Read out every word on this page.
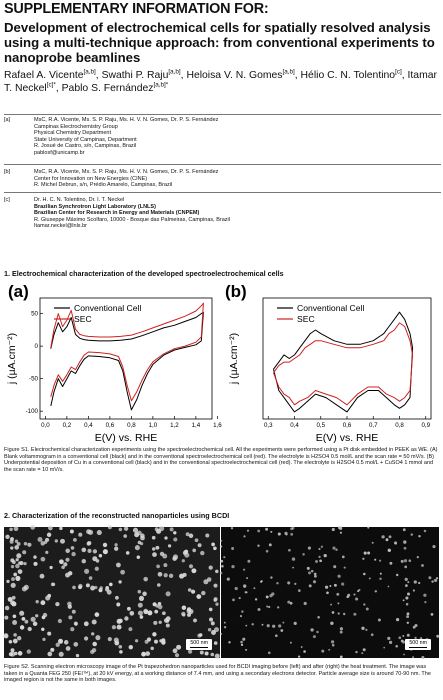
SUPPLEMENTARY INFORMATION FOR:
Development of electrochemical cells for spatially resolved analysis using a multi-technique approach: from conventional experiments to nanoprobe beamlines
Rafael A. Vicente[a,b], Swathi P. Raju[a,b], Heloisa V. N. Gomes[a,b], Hélio C. N. Tolentino[c], Itamar T. Neckel$^{[c]*}$, Pablo S. Fernández$^{[a,b]*}$
[a]	MsC, R.A. Vicente, Ms. S. P. Raju, Ms. H. V. N. Gomes, Dr. P. S. Fernández
Campinas Electrochemistry Group
Physical Chemistry Department
State University of Campinas, Department
R. Josué de Castro, s/n, Campinas, Brazil
pablosf@unicamp.br
[b]	MsC, R.A. Vicente, Ms. S. P. Raju, Ms. H. V. N. Gomes, Dr. P. S. Fernández
Center for Innovation on New Energies (CINE)
R. Michel Debrun, s/n, Prédio Amarelo, Campinas, Brazil
[c]	Dr. H. C. N. Tolentino, Dr. I. T. Neckel
Brazilian Synchrotron Light Laboratory (LNLS)
Brazilian Center for Research in Energy and Materials (CNPEM)
R. Giuseppe Máximo Scolfaro, 10000 - Bosque das Palmeiras, Campinas, Brazil
Itamar.neckel@lnls.br
1. Electrochemical characterization of the developed spectroelectrochemical cells
0,0 0,2 0,4 0,6 0,8 1,0 1,2 1,4 1,6
-100
-50
0
50
Conventional Cell
SEC
(a)
E(V) vs. RHE
j (µA.cm⁻²)
0,3	0,4	0,5	0,6	0,7	0,8	0,9
Conventional Cell
SEC
(b)
E(V) vs. RHE
j (µA.cm⁻²)
Figure S1. Electrochemical characterization experiments using the spectroelectrochemical cell. All the experiments were performed using a Pt disk embedded in PEEK as WE. (A) Blank voltammogram in a conventional cell (black) and in the conventional spectroelectrochemical cell (red). The electrolyte is H2SO4 0.5 mol/L and the scan rate = 50 mV/s. (B) Underpotential deposition of Cu in a conventional cell (black) and in the conventional spectroelectrochemical cell (red). The electrolyte is H2SO4 0.5 mol/L + CuSO4 1 mmol and the scan rate = 10 mV/s.
2. Characterization of the reconstructed nanoparticles using BCDI
500 nm	500 nm
Figure S2. Scanning electron microscopy image of the Pt trapezohedron nanoparticles used for BCDI imaging before (left) and after (right) the heat treatment. The image was taken in a Quanta FEG 250 (FEI™), at 20 kV energy, at a working distance of 7.4 mm, and using a secondary electrons detector. Particle average size is around 70-90 nm. The imaged region is not the same in both images.
